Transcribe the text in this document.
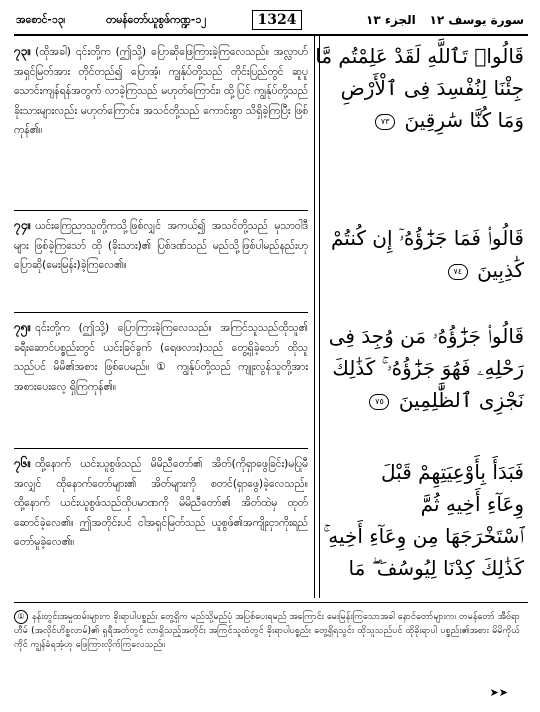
အစောင်-၁၃၊	တမန်တော်ယူစွဖ်ကဏ္ဍ-၁၂	1324	الجزء ١٣ سورة يوسف ١٢
၇၃။ (ထိုအခါ) ၎င်းတို့က (ဤသို့) ပြောဆိုဖြေကြားခဲ့ကြလေသည်။ အလ္လာဟ် အရှင်မြတ်အား တိုင်တည်၍ ပြောအံ့၊ ကျွန်ုပ်တို့သည် တိုင်းပြည်တွင် ဆူပူသောင်းကျန်ရန်အတွက် လာခဲ့ကြသည် မဟုတ်ကြောင်း၊ ထို့ပြင် ကျွန်ုပ်တို့သည် ခိုးသားများလည်း မဟုတ်ကြောင်း၊ အသင်တို့သည် ကောင်းစွာ သိရှိခဲ့ကြပြီး ဖြစ်ကုန်၏။
قَالُوا۟ تَٱللَّهِ لَقَدْ عَلِمْتُم مَّا
جِئْنَا لِنُفْسِدَ فِى ٱلْأَرْضِ
وَمَا كُنَّا سَٰرِقِينَ ٧٣
၇၄။ ယင်းကြေညာသူတို့ကသို့ဖြစ်လျှင် အကယ်၍ အသင်တို့သည် မုသာဝါဒီများ ဖြစ်ခဲ့ကြသော် ထို (ခိုးသား)၏ ပြစ်ဒဏ်သည် မည်သို့ဖြစ်ပါမည်နည်းဟု ပြောဆို(မေးမြန်း)ခဲ့ကြလေ၏။
قَالُوا۟ فَمَا جَزَٰٓؤُهُۥٓ إِن كُنتُمْ
كَٰذِبِينَ ٧٤
၇၅။ ၎င်းတို့က (ဤသို့) ပြောကြားခဲ့ကြလေသည်။ အကြင်သူသည်ထိုသူ၏ ခရီးဆောင်ပစ္စည်းတွင် ယင်းခြင်ခွက် (ရေဖလား)သည် တွေ့ရှိခဲ့သော် ထိုသူသည်ပင် မိမိ၏အစား ဖြစ်ပေမည်။ ① ကျွန်ုပ်တို့သည် ကျူးလွန်သူတို့အား အစားပေးလေ့ ရှိကြကုန်၏။
قَالُوا۟ جَزَٰٓؤُهُۥ مَن وُجِدَ فِى
رَحْلِهِۦ فَهُوَ جَزَٰٓؤُهُۥ ۚ كَذَٰلِكَ
نَجْزِى ٱلظَّٰلِمِينَ ٧٥
၇၆။ ထို့နောက် ယင်းယူစွဖ်သည် မိမိညီတော်၏ အိတ်(ကိုရှာဖွေခြင်း)မပြုမီအလျှင် ထိုနောက်တော်များ၏ အိတ်များကို စတင်(ရှာဖွေ)ခဲ့လေသည်။ ထို့နောက် ယင်းယူစွဖ်သည်ထိုပမာဏကို မိမိညီတော်၏ အိတ်ထဲမှ ထုတ်ဆောင်ခဲ့လေ၏။ ဤအတိုင်းပင် ငါအရှင်မြတ်သည် ယူစွဖ်၏အကျိုးငှာကိုးရည်တော်မူခဲ့လေ၏။
فَبَدَأَ بِأَوْعِيَتِهِمْ قَبْلَ
وِعَآءِ أَخِيهِ ثُمَّ
ٱسْتَخْرَجَهَا مِن وِعَآءِ أَخِيهِ ۚ
كَذَٰلِكَ كِدْنَا لِيُوسُفَ ۖ مَا
① နန်းတွင်းအမှုထမ်းများက ခိုးရာပါပစ္စည်း တွေ့ရှိက မည်သို့မည်ပုံ အပြစ်ပေးရမည် အကြောင်း မေးမြန်းကြသောအခါ နောင်တော်များက၊ တမန်တော် အီဗ်ရာဟီမ် (အလိုင်ဟိစ္စလာမ်)၏ ရှရီအတ်တွင် လာရှိသည့်အတိုင်း အကြင်သူထံတွင် ခိုးရာပါပစ္စည်း တွေ့ရှိရသွင်း ထိုသူသည်ပင် ထိုခိုးရာပါ ပစ္စည်း၏အစား မိမိကိုယ်ကိုင် ကျွန်ခံရအံ့ဟု ဖြေကြားလိုက်ကြလေသည်။
➤➤
